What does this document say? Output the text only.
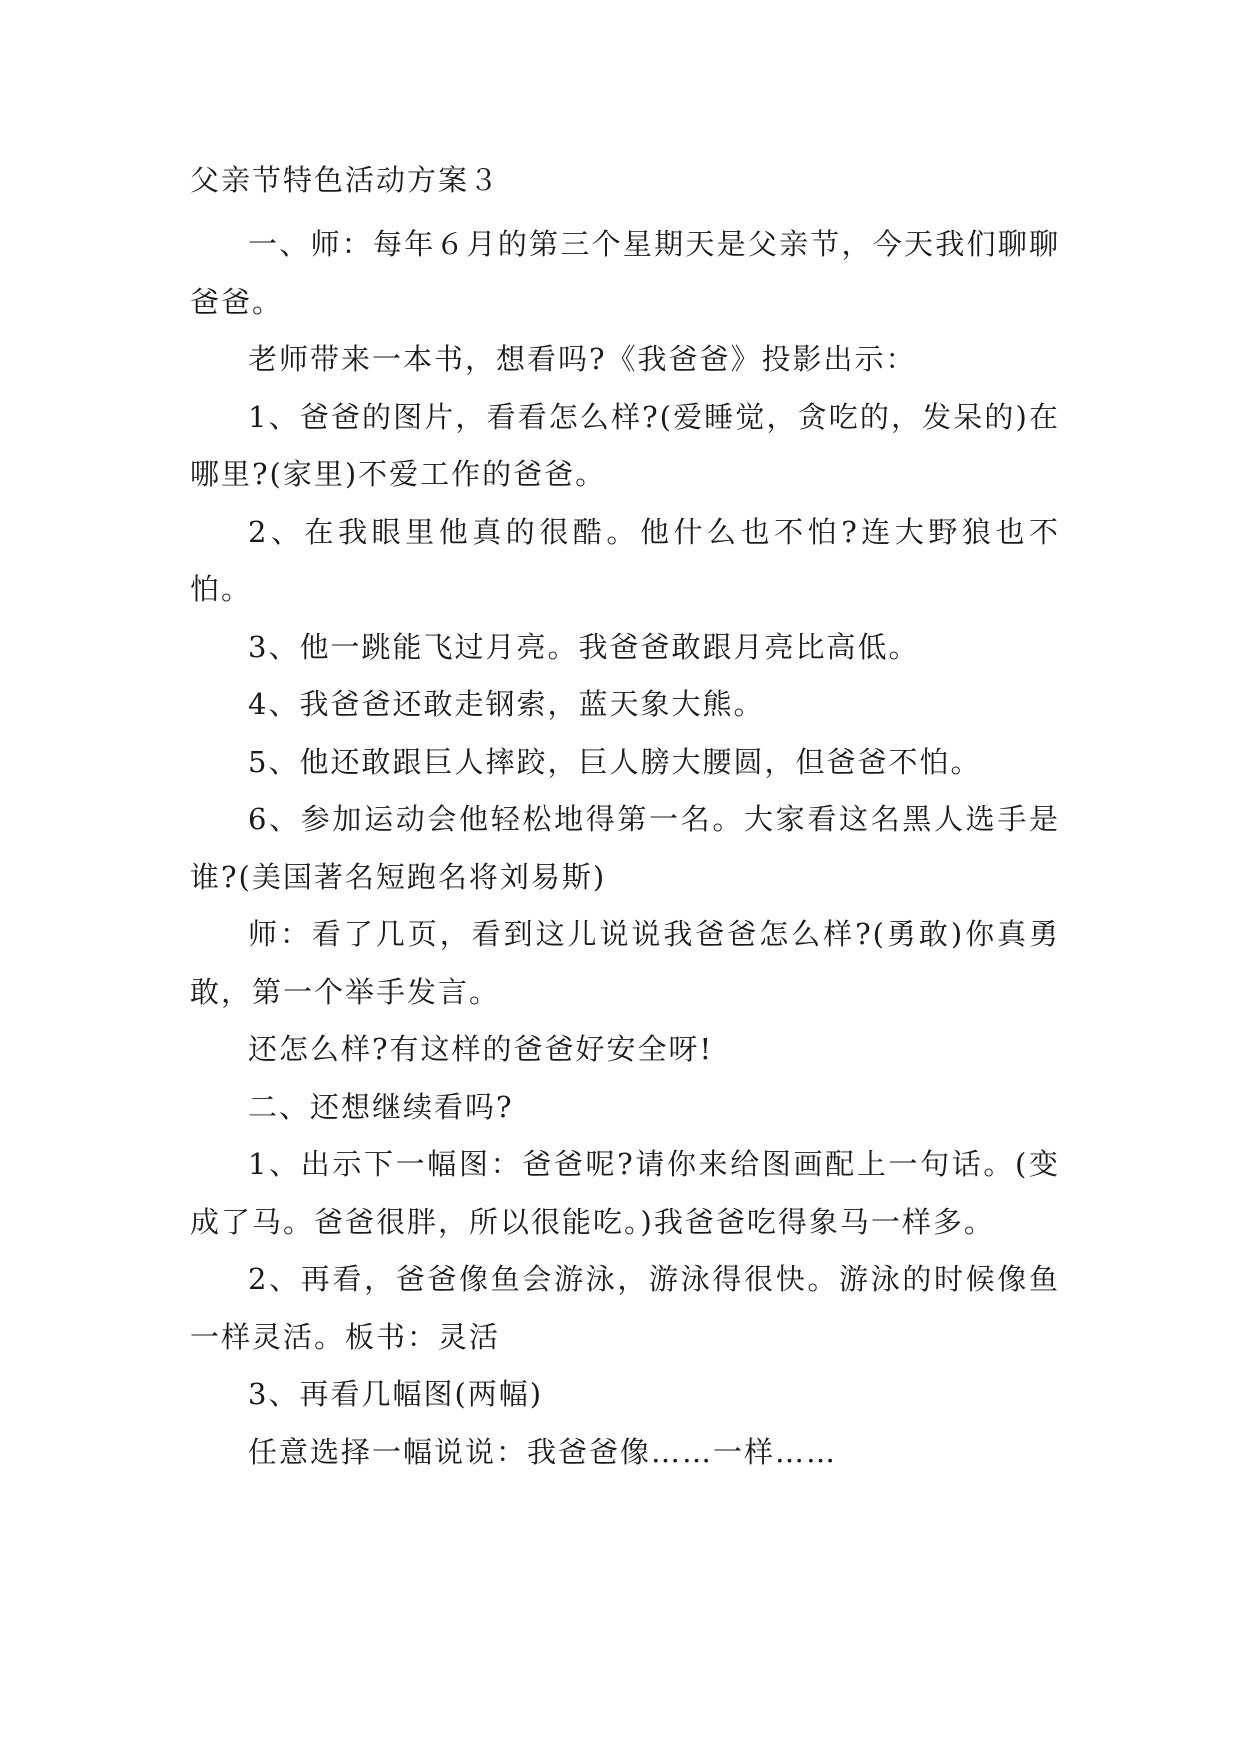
父亲节特色活动方案３

一、师：每年６月的第三个星期天是父亲节，今天我们聊聊爸爸。

老师带来一本书，想看吗?《我爸爸》投影出示：

1、爸爸的图片，看看怎么样?(爱睡觉，贪吃的，发呆的)在哪里?(家里)不爱工作的爸爸。

2、在我眼里他真的很酷。他什么也不怕?连大野狼也不怕。

3、他一跳能飞过月亮。我爸爸敢跟月亮比高低。

4、我爸爸还敢走钢索，蓝天象大熊。

5、他还敢跟巨人摔跤，巨人膀大腰圆，但爸爸不怕。

6、参加运动会他轻松地得第一名。大家看这名黑人选手是谁?(美国著名短跑名将刘易斯)

师：看了几页，看到这儿说说我爸爸怎么样?(勇敢)你真勇敢，第一个举手发言。

还怎么样?有这样的爸爸好安全呀!

二、还想继续看吗?

1、出示下一幅图：爸爸呢?请你来给图画配上一句话。(变成了马。爸爸很胖，所以很能吃。)我爸爸吃得象马一样多。

2、再看，爸爸像鱼会游泳，游泳得很快。游泳的时候像鱼一样灵活。板书：灵活

3、再看几幅图(两幅)

任意选择一幅说说：我爸爸像……一样……
